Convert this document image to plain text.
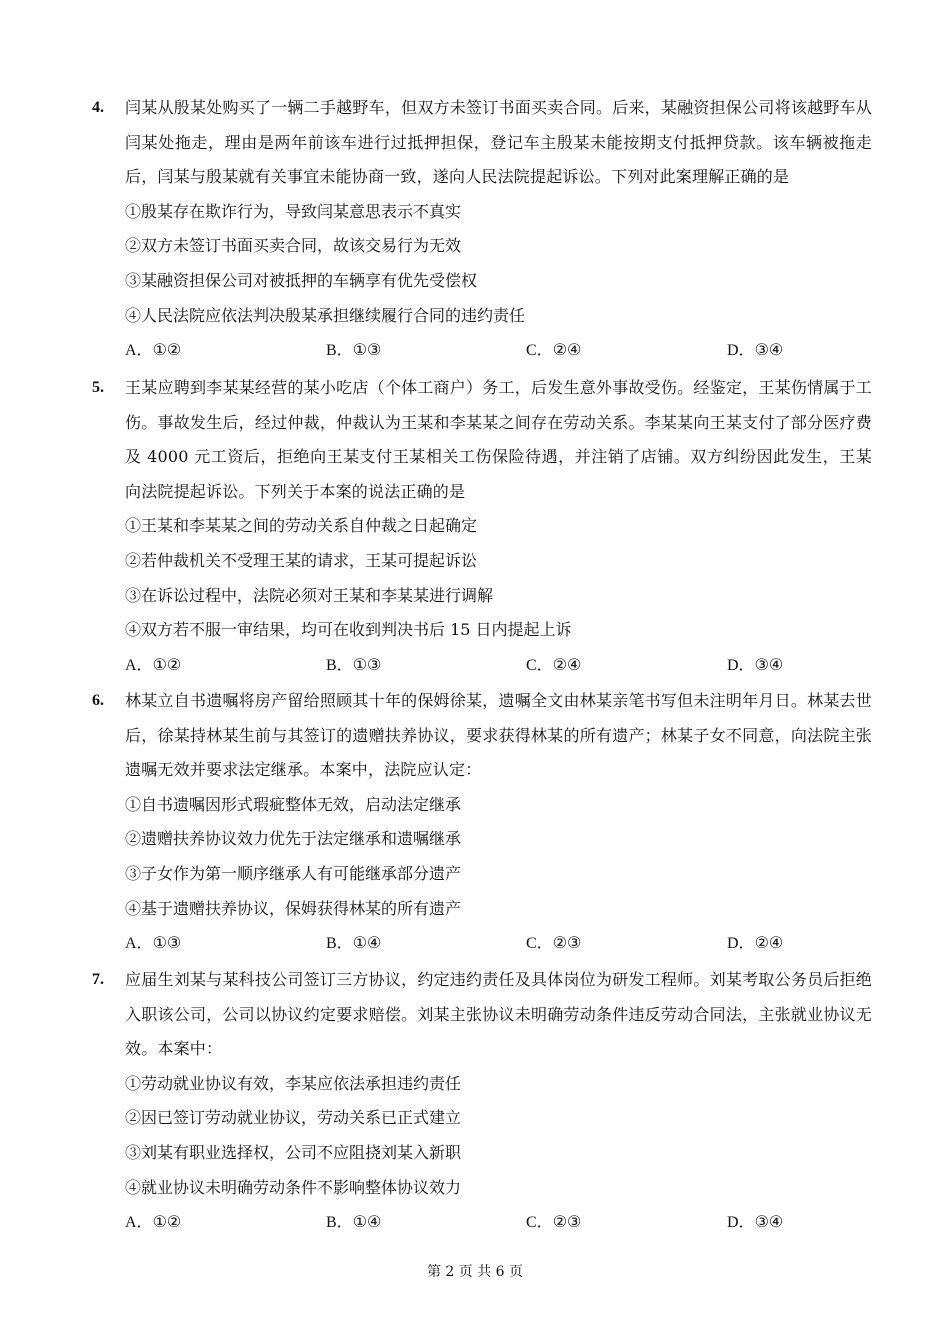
4.	闫某从殷某处购买了一辆二手越野车，但双方未签订书面买卖合同。后来，某融资担保公司将该越野车从闫某处拖走，理由是两年前该车进行过抵押担保，登记车主殷某未能按期支付抵押贷款。该车辆被拖走后，闫某与殷某就有关事宜未能协商一致，遂向人民法院提起诉讼。下列对此案理解正确的是
①殷某存在欺诈行为，导致闫某意思表示不真实
②双方未签订书面买卖合同，故该交易行为无效
③某融资担保公司对被抵押的车辆享有优先受偿权
④人民法院应依法判决殷某承担继续履行合同的违约责任
A．①②	B．①③	C．②④	D．③④
5.	王某应聘到李某某经营的某小吃店（个体工商户）务工，后发生意外事故受伤。经鉴定，王某伤情属于工伤。事故发生后，经过仲裁，仲裁认为王某和李某某之间存在劳动关系。李某某向王某支付了部分医疗费及 4000 元工资后，拒绝向王某支付王某相关工伤保险待遇，并注销了店铺。双方纠纷因此发生，王某向法院提起诉讼。下列关于本案的说法正确的是
①王某和李某某之间的劳动关系自仲裁之日起确定
②若仲裁机关不受理王某的请求，王某可提起诉讼
③在诉讼过程中，法院必须对王某和李某某进行调解
④双方若不服一审结果，均可在收到判决书后 15 日内提起上诉
A．①②	B．①③	C．②④	D．③④
6.	林某立自书遗嘱将房产留给照顾其十年的保姆徐某，遗嘱全文由林某亲笔书写但未注明年月日。林某去世后，徐某持林某生前与其签订的遗赠扶养协议，要求获得林某的所有遗产；林某子女不同意，向法院主张遗嘱无效并要求法定继承。本案中，法院应认定：
①自书遗嘱因形式瑕疵整体无效，启动法定继承
②遗赠扶养协议效力优先于法定继承和遗嘱继承
③子女作为第一顺序继承人有可能继承部分遗产
④基于遗赠扶养协议，保姆获得林某的所有遗产
A．①③	B．①④	C．②③	D．②④
7.	应届生刘某与某科技公司签订三方协议，约定违约责任及具体岗位为研发工程师。刘某考取公务员后拒绝入职该公司，公司以协议约定要求赔偿。刘某主张协议未明确劳动条件违反劳动合同法，主张就业协议无效。本案中：
①劳动就业协议有效，李某应依法承担违约责任
②因已签订劳动就业协议，劳动关系已正式建立
③刘某有职业选择权，公司不应阻挠刘某入新职
④就业协议未明确劳动条件不影响整体协议效力
A．①②	B．①④	C．②③	D．③④
第 2 页 共 6 页
